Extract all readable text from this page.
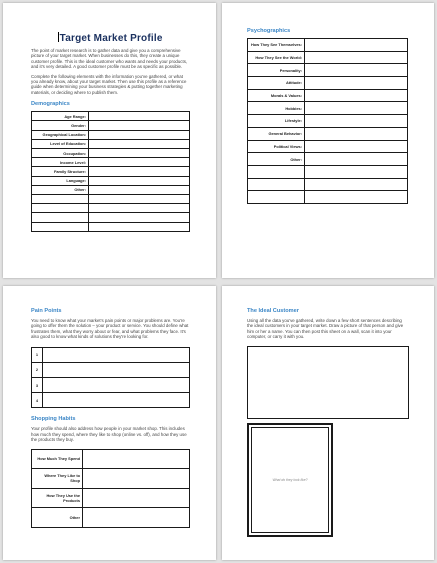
Target Market Profile

The point of market research is to gather data and give you a comprehensive picture of your target market. When businesses do this, they create a unique customer profile. This is the ideal customer who wants and needs your products, and it's very detailed. A good customer profile must be as specific as possible.

Complete the following elements with the information you've gathered, or what you already know, about your target market. Then use this profile as a reference guide when determining your business strategies & putting together marketing materials, or deciding where to publish them.

Demographics
Age Range:	
Gender:	
Geographical Location:	
Level of Education:	
Occupation:	
Income Level:	
Family Structure:	
Language:	
Other:	

Psychographics
How They See Themselves:	
How They See the World:	
Personality:	
Attitude:	
Morals & Values:	
Hobbies:	
Lifestyle:	
General Behavior:	
Political Views:	
Other:	

Pain Points

You need to know what your market's pain points or major problems are. You're going to offer them the solution – your product or service. You should define what frustrates them, what they worry about or fear, and what problems they face. It's also good to know what kinds of solutions they're looking for.

1	
2	
3	
4	
Shopping Habits

Your profile should also address how people in your market shop. This includes how much they spend, where they like to shop (online vs. off), and how they use the products they buy.

How Much They Spend	
Where They Like to Shop	
How They Use the Products	
Other	
The Ideal Customer

Using all the data you've gathered, write down a few short sentences describing the ideal customers in your target market. Draw a picture of that person and give him or her a name. You can then post this sheet on a wall, scan it into your computer, or carry it with you.

What do they look like?
